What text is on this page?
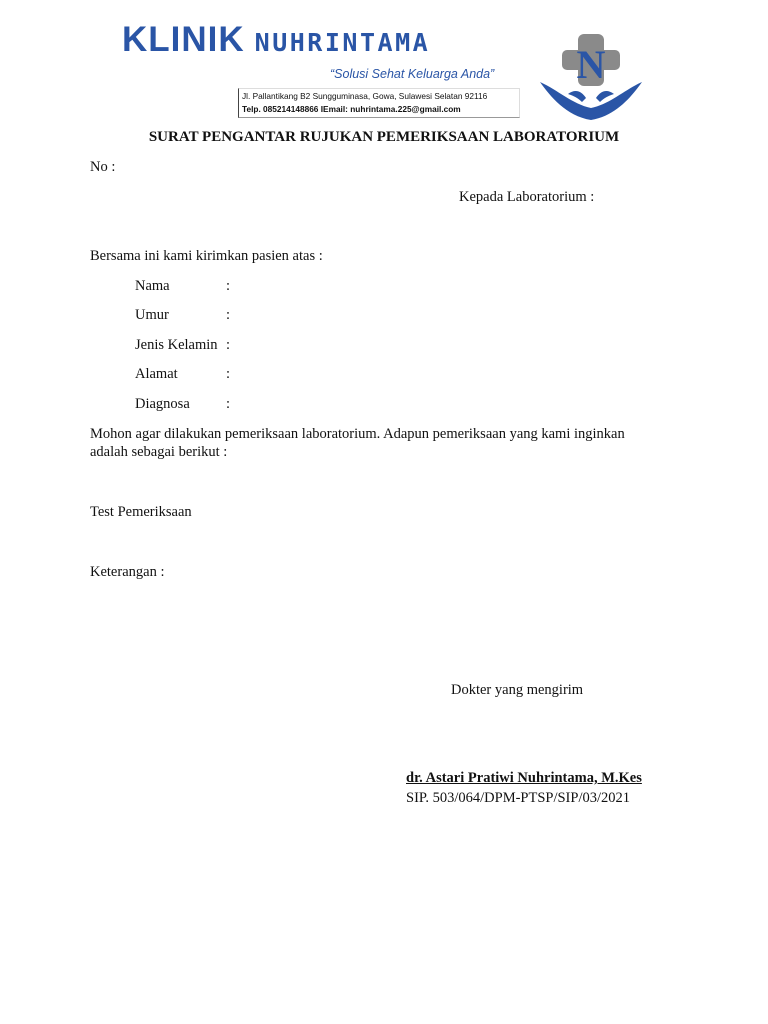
KLINIK NUHRINTAMA
“Solusi Sehat Keluarga Anda”
Jl. Pallantikang B2 Sungguminasa, Gowa, Sulawesi Selatan 92116
Telp. 085214148866 IEmail: nuhrintama.225@gmail.com
N
SURAT PENGANTAR RUJUKAN PEMERIKSAAN LABORATORIUM
No :
Kepada Laboratorium :
Bersama ini kami kirimkan pasien atas :
Nama	:
Umur	:
Jenis Kelamin :
Alamat	:
Diagnosa :
Mohon agar dilakukan pemeriksaan laboratorium. Adapun pemeriksaan yang kami inginkan
adalah sebagai berikut :
Test Pemeriksaan
Keterangan :
Dokter yang mengirim
dr. Astari Pratiwi Nuhrintama, M.Kes
SIP. 503/064/DPM-PTSP/SIP/03/2021
